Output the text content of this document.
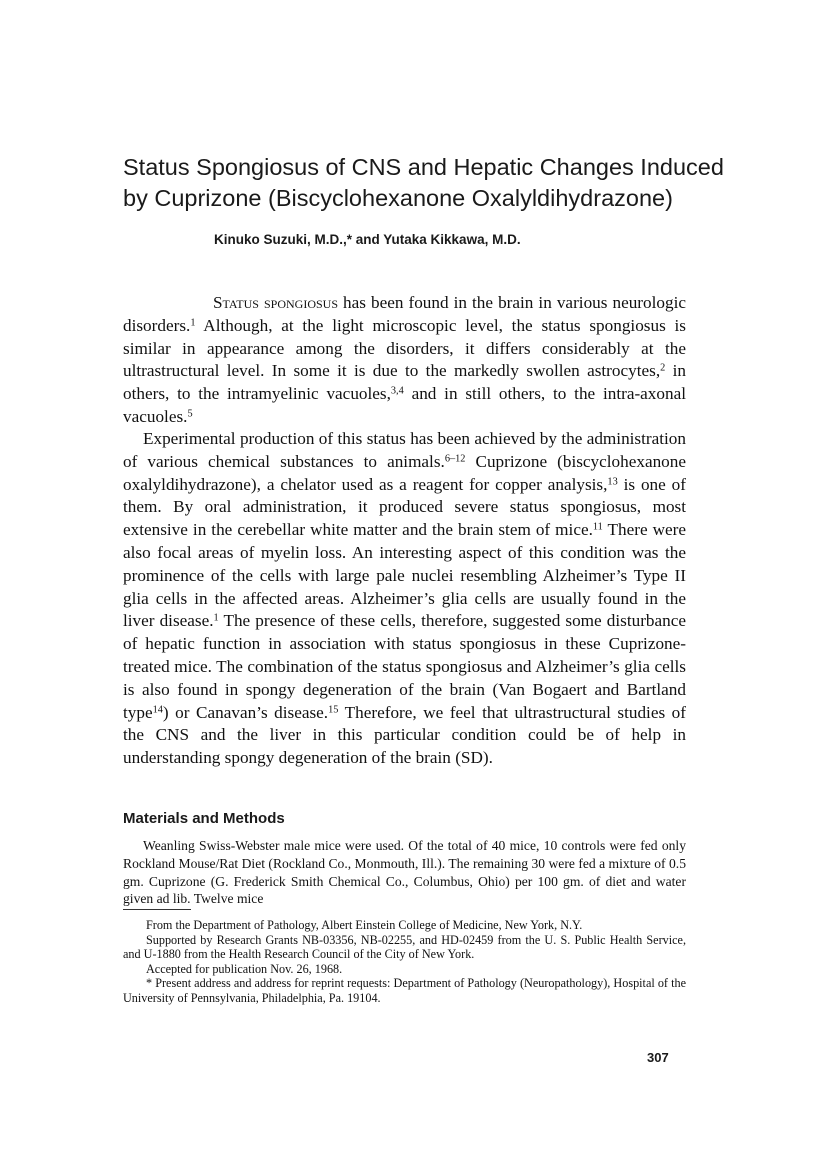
Status Spongiosus of CNS and Hepatic Changes Induced
by Cuprizone (Biscyclohexanone Oxalyldihydrazone)
Kinuko Suzuki, M.D.,* and Yutaka Kikkawa, M.D.

Status spongiosus has been found in the brain in various neurologic disorders.$^1$ Although, at the light microscopic level, the status spongiosus is similar in appearance among the disorders, it differs considerably at the ultrastructural level. In some it is due to the markedly swollen astrocytes,$^2$ in others, to the intramyelinic vacuoles,$^{3,4}$ and in still others, to the intra-axonal vacuoles.$^5$

Experimental production of this status has been achieved by the administration of various chemical substances to animals.$^{6-12}$ Cuprizone (biscyclohexanone oxalyldihydrazone), a chelator used as a reagent for copper analysis,$^{13}$ is one of them. By oral administration, it produced severe status spongiosus, most extensive in the cerebellar white matter and the brain stem of mice.$^{11}$ There were also focal areas of myelin loss. An interesting aspect of this condition was the prominence of the cells with large pale nuclei resembling Alzheimer’s Type II glia cells in the affected areas. Alzheimer’s glia cells are usually found in the liver disease.$^1$ The presence of these cells, therefore, suggested some disturbance of hepatic function in association with status spongiosus in these Cuprizone-treated mice. The combination of the status spongiosus and Alzheimer’s glia cells is also found in spongy degeneration of the brain (Van Bogaert and Bartland type$^{14}$) or Canavan’s disease.$^{15}$ Therefore, we feel that ultrastructural studies of the CNS and the liver in this particular condition could be of help in understanding spongy degeneration of the brain (SD).

Materials and Methods

Weanling Swiss-Webster male mice were used. Of the total of 40 mice, 10 controls were fed only Rockland Mouse/Rat Diet (Rockland Co., Monmouth, Ill.). The remaining 30 were fed a mixture of 0.5 gm. Cuprizone (G. Frederick Smith Chemical Co., Columbus, Ohio) per 100 gm. of diet and water given ad lib. Twelve mice

From the Department of Pathology, Albert Einstein College of Medicine, New York, N.Y.

Supported by Research Grants NB-03356, NB-02255, and HD-02459 from the U. S. Public Health Service, and U-1880 from the Health Research Council of the City of New York.

Accepted for publication Nov. 26, 1968.

* Present address and address for reprint requests: Department of Pathology (Neuropathology), Hospital of the University of Pennsylvania, Philadelphia, Pa. 19104.

307
